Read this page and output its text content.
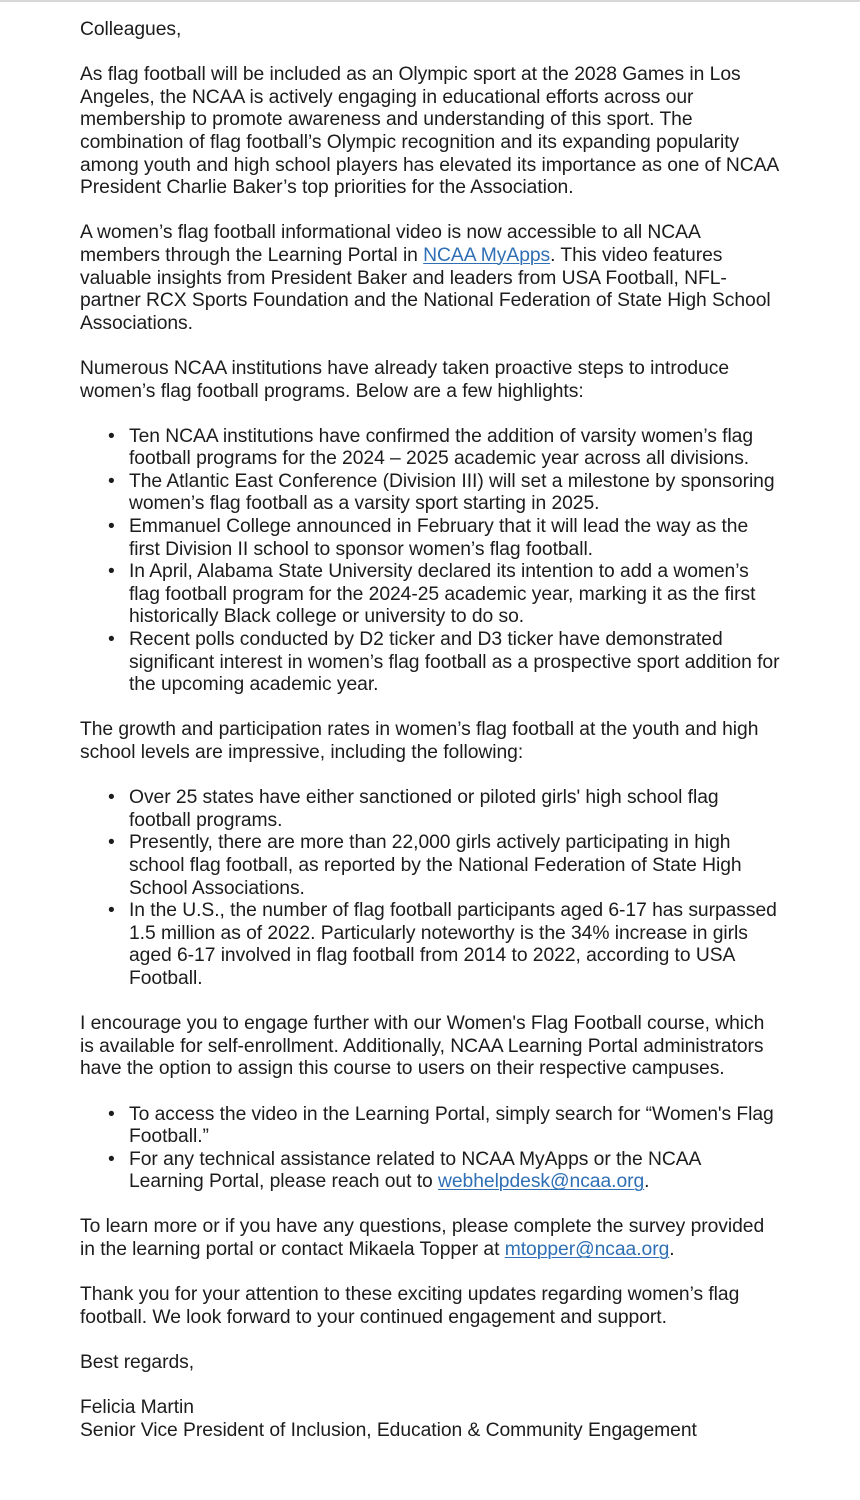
Colleagues,

As flag football will be included as an Olympic sport at the 2028 Games in Los Angeles, the NCAA is actively engaging in educational efforts across our membership to promote awareness and understanding of this sport. The combination of flag football’s Olympic recognition and its expanding popularity among youth and high school players has elevated its importance as one of NCAA President Charlie Baker’s top priorities for the Association.

A women’s flag football informational video is now accessible to all NCAA members through the Learning Portal in NCAA MyApps. This video features valuable insights from President Baker and leaders from USA Football, NFL-partner RCX Sports Foundation and the National Federation of State High School Associations.

Numerous NCAA institutions have already taken proactive steps to introduce women’s flag football programs. Below are a few highlights:

• Ten NCAA institutions have confirmed the addition of varsity women’s flag football programs for the 2024 – 2025 academic year across all divisions.
• The Atlantic East Conference (Division III) will set a milestone by sponsoring women’s flag football as a varsity sport starting in 2025.
• Emmanuel College announced in February that it will lead the way as the first Division II school to sponsor women’s flag football.
• In April, Alabama State University declared its intention to add a women’s flag football program for the 2024-25 academic year, marking it as the first historically Black college or university to do so.
• Recent polls conducted by D2 ticker and D3 ticker have demonstrated significant interest in women’s flag football as a prospective sport addition for the upcoming academic year.

The growth and participation rates in women’s flag football at the youth and high school levels are impressive, including the following:

• Over 25 states have either sanctioned or piloted girls' high school flag football programs.
• Presently, there are more than 22,000 girls actively participating in high school flag football, as reported by the National Federation of State High School Associations.
• In the U.S., the number of flag football participants aged 6-17 has surpassed 1.5 million as of 2022. Particularly noteworthy is the 34% increase in girls aged 6-17 involved in flag football from 2014 to 2022, according to USA Football.

I encourage you to engage further with our Women's Flag Football course, which is available for self-enrollment. Additionally, NCAA Learning Portal administrators have the option to assign this course to users on their respective campuses.

• To access the video in the Learning Portal, simply search for “Women's Flag Football.”
• For any technical assistance related to NCAA MyApps or the NCAA Learning Portal, please reach out to webhelpdesk@ncaa.org.

To learn more or if you have any questions, please complete the survey provided in the learning portal or contact Mikaela Topper at mtopper@ncaa.org.

Thank you for your attention to these exciting updates regarding women’s flag football. We look forward to your continued engagement and support.

Best regards,

Felicia Martin

Senior Vice President of Inclusion, Education & Community Engagement
